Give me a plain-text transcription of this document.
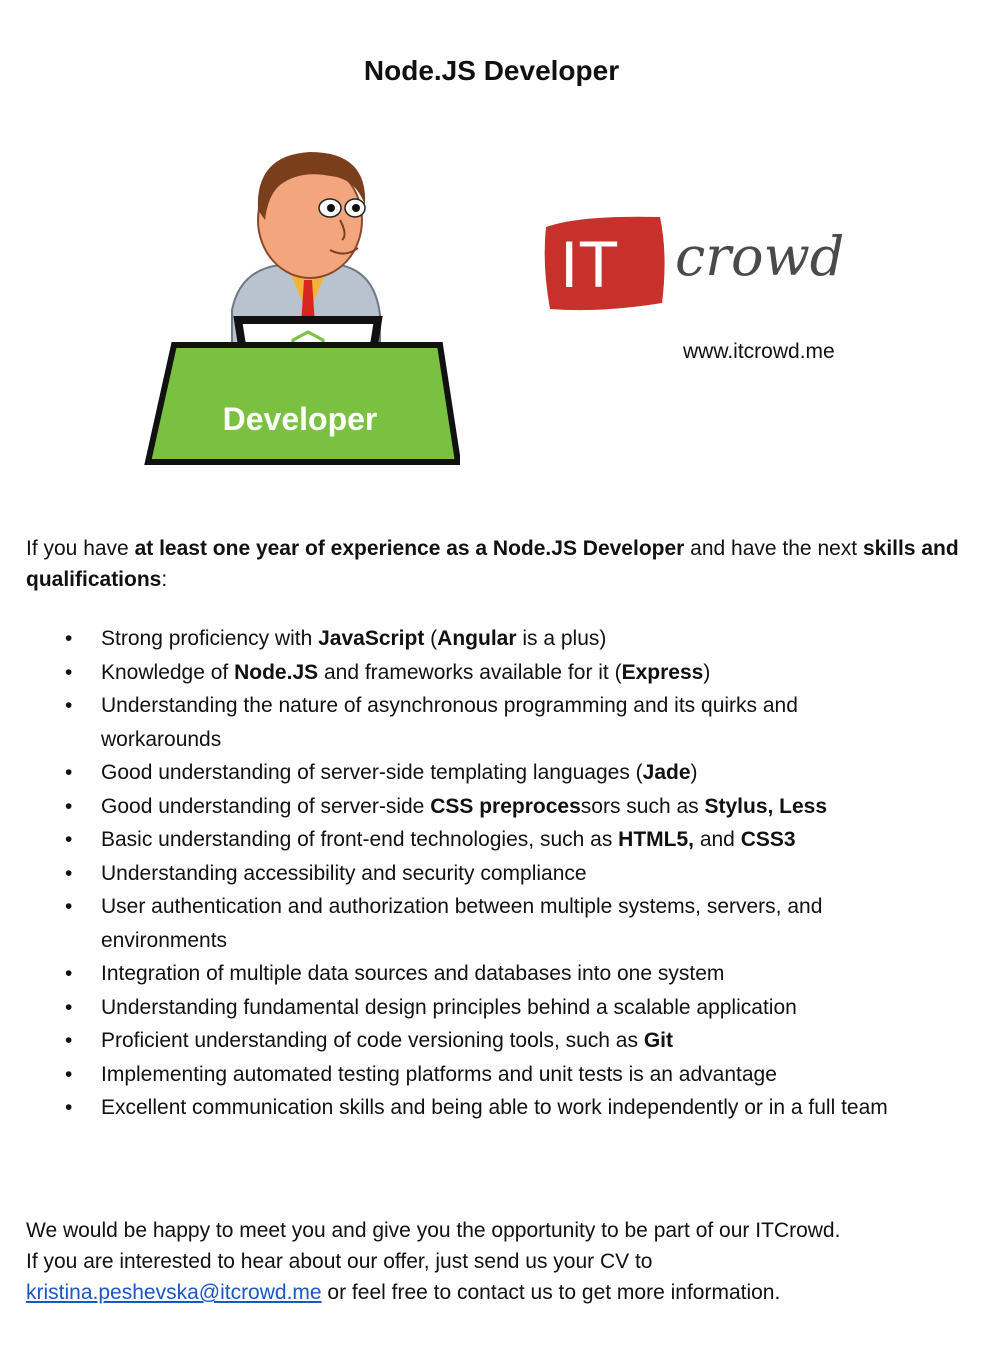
Node.JS Developer
Developer
IT crowd
www.itcrowd.me

If you have at least one year of experience as a Node.JS Developer and have the next skills and qualifications:

• Strong proficiency with JavaScript (Angular is a plus)
• Knowledge of Node.JS and frameworks available for it (Express)
• Understanding the nature of asynchronous programming and its quirks and workarounds
• Good understanding of server-side templating languages (Jade)
• Good understanding of server-side CSS preprocessors such as Stylus, Less
• Basic understanding of front-end technologies, such as HTML5, and CSS3
• Understanding accessibility and security compliance
• User authentication and authorization between multiple systems, servers, and environments
• Integration of multiple data sources and databases into one system
• Understanding fundamental design principles behind a scalable application
• Proficient understanding of code versioning tools, such as Git
• Implementing automated testing platforms and unit tests is an advantage
• Excellent communication skills and being able to work independently or in a full team

We would be happy to meet you and give you the opportunity to be part of our ITCrowd.
If you are interested to hear about our offer, just send us your CV to
kristina.peshevska@itcrowd.me or feel free to contact us to get more information.
